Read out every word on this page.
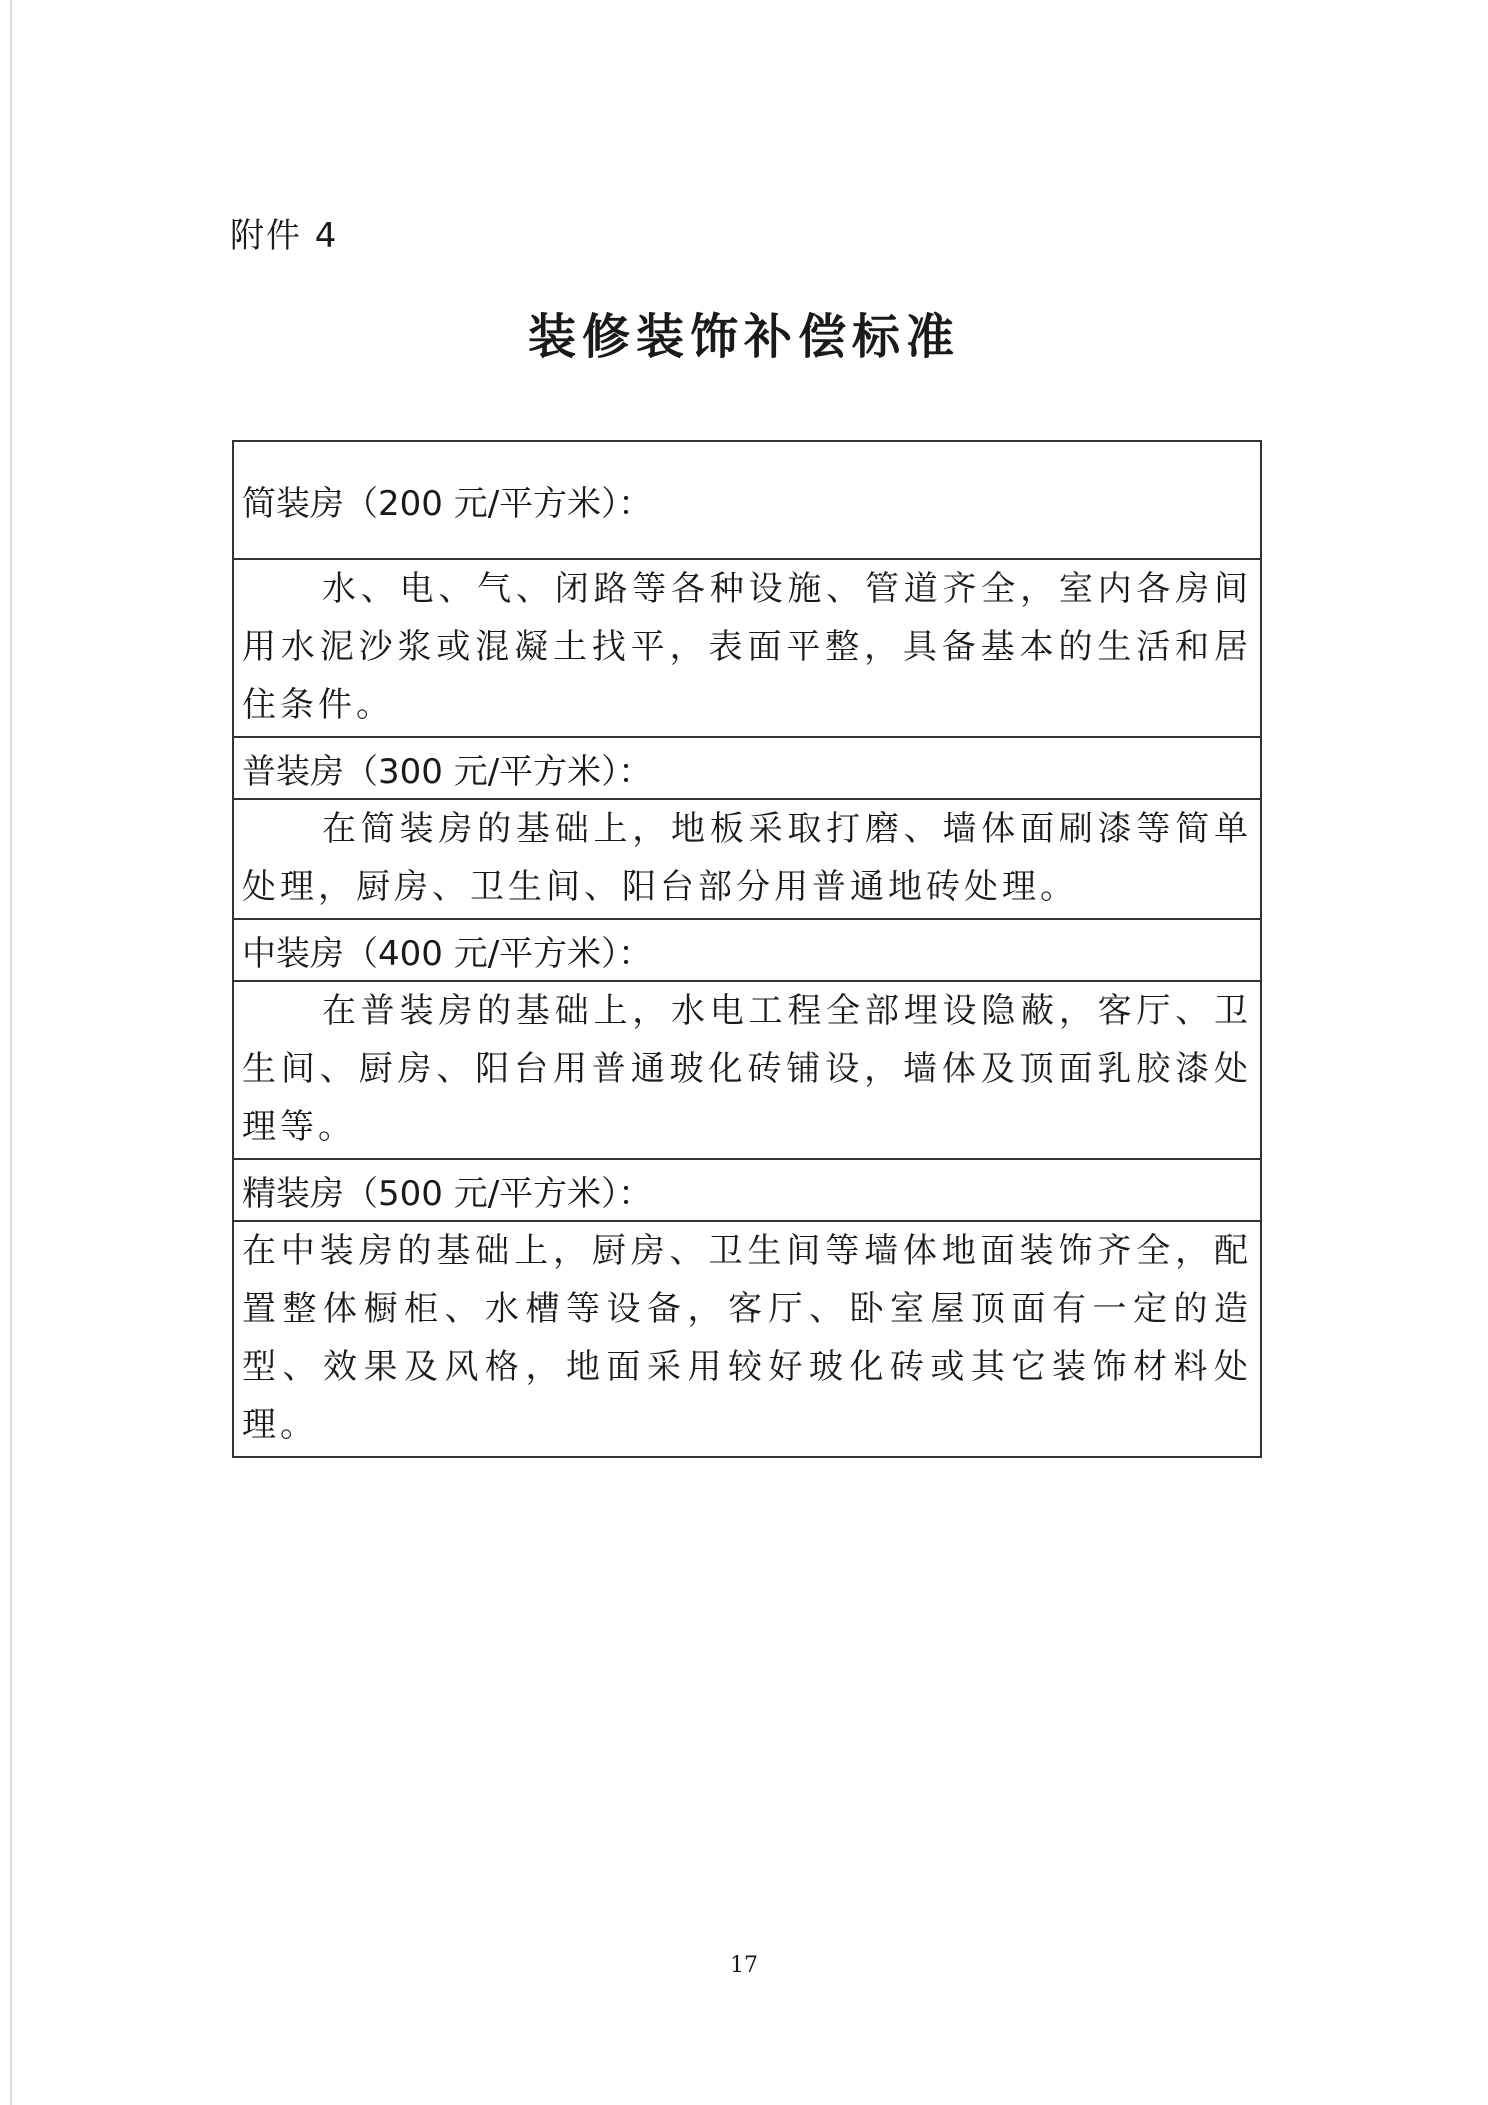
附件 4
装修装饰补偿标准
简装房（200 元/平方米）：
水、电、气、闭路等各种设施、管道齐全，室内各房间用水泥沙浆或混凝土找平，表面平整，具备基本的生活和居住条件。
普装房（300 元/平方米）：
在简装房的基础上，地板采取打磨、墙体面刷漆等简单处理，厨房、卫生间、阳台部分用普通地砖处理。
中装房（400 元/平方米）：
在普装房的基础上，水电工程全部埋设隐蔽，客厅、卫生间、厨房、阳台用普通玻化砖铺设，墙体及顶面乳胶漆处理等。
精装房（500 元/平方米）：
在中装房的基础上，厨房、卫生间等墙体地面装饰齐全，配置整体橱柜、水槽等设备，客厅、卧室屋顶面有一定的造型、效果及风格，地面采用较好玻化砖或其它装饰材料处理。
17
